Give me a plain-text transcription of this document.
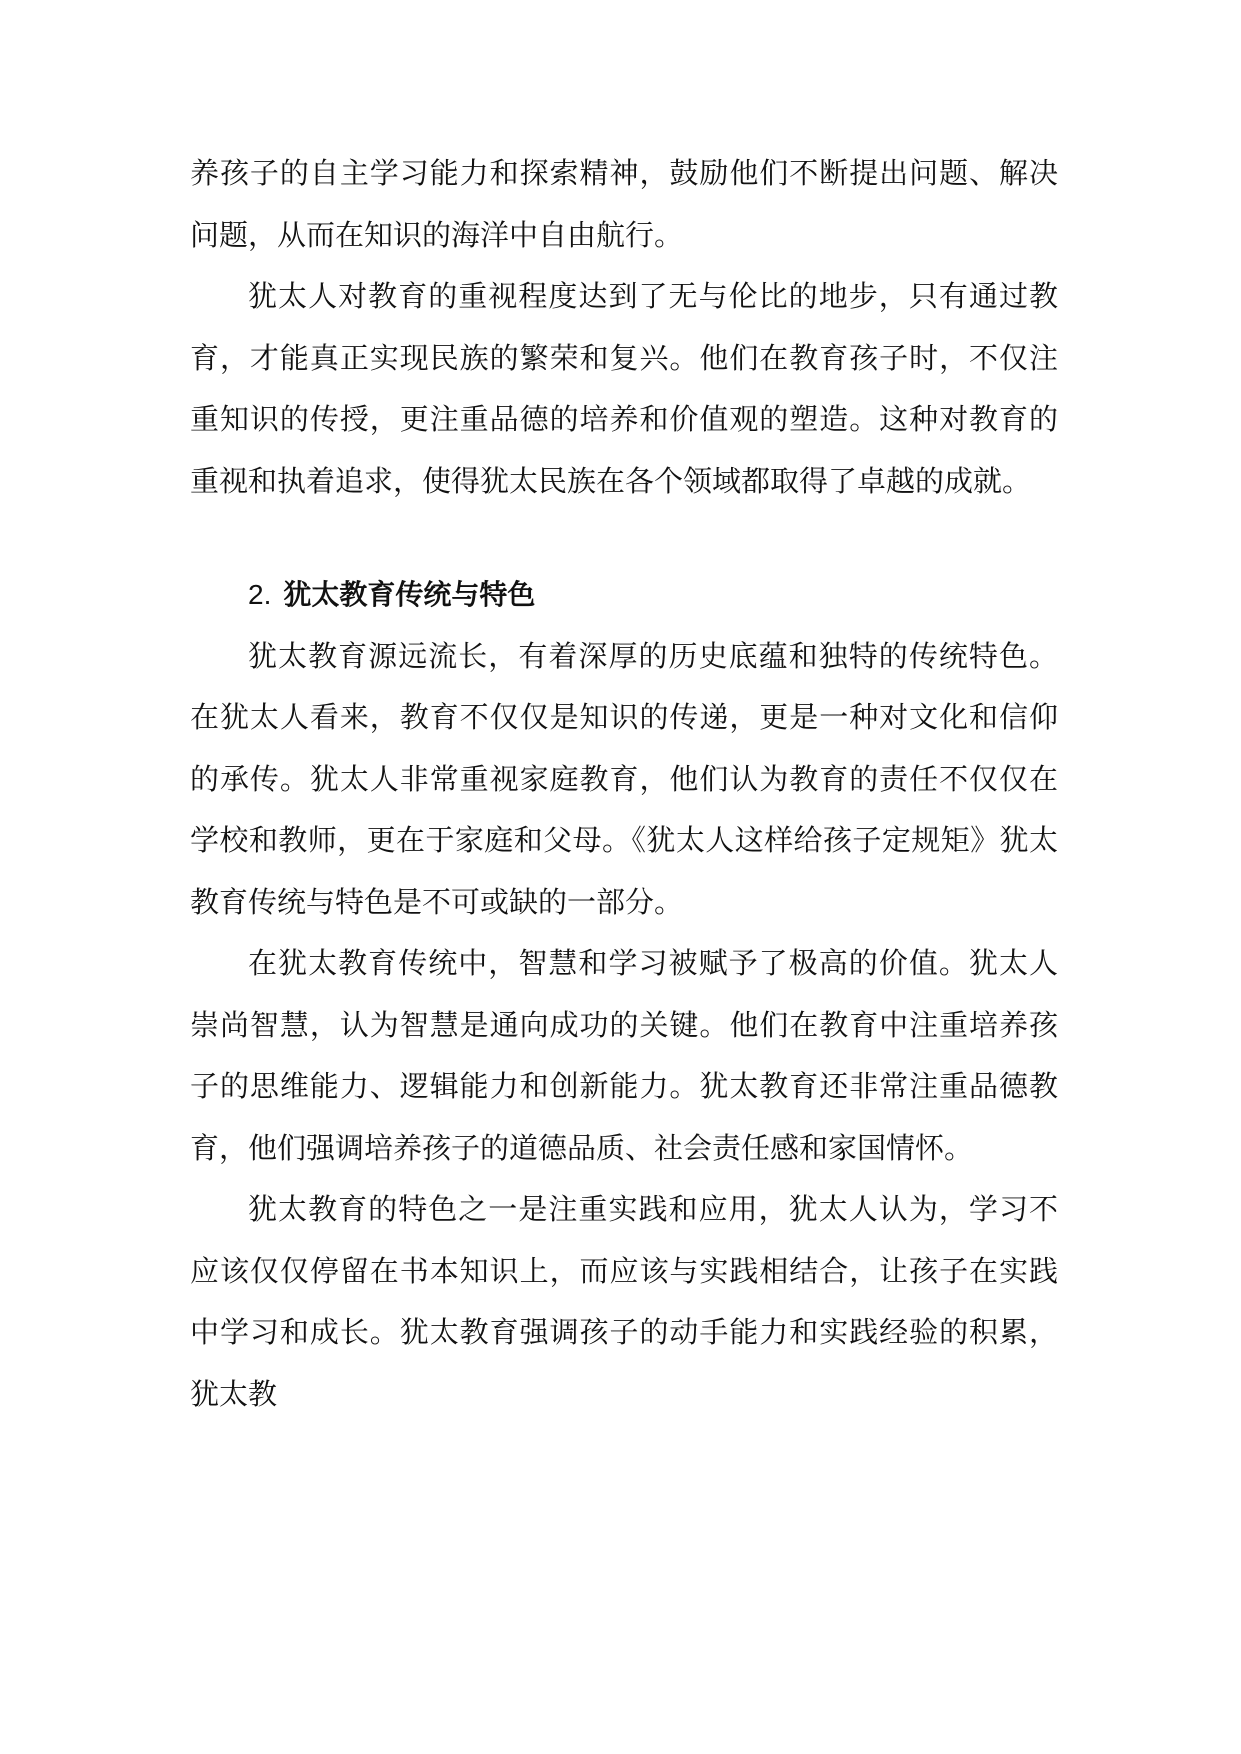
养孩子的自主学习能力和探索精神，鼓励他们不断提出问题、解决问题，从而在知识的海洋中自由航行。

犹太人对教育的重视程度达到了无与伦比的地步，只有通过教育，才能真正实现民族的繁荣和复兴。他们在教育孩子时，不仅注重知识的传授，更注重品德的培养和价值观的塑造。这种对教育的重视和执着追求，使得犹太民族在各个领域都取得了卓越的成就。

2. 犹太教育传统与特色

犹太教育源远流长，有着深厚的历史底蕴和独特的传统特色。在犹太人看来，教育不仅仅是知识的传递，更是一种对文化和信仰的承传。犹太人非常重视家庭教育，他们认为教育的责任不仅仅在学校和教师，更在于家庭和父母。《犹太人这样给孩子定规矩》犹太教育传统与特色是不可或缺的一部分。

在犹太教育传统中，智慧和学习被赋予了极高的价值。犹太人崇尚智慧，认为智慧是通向成功的关键。他们在教育中注重培养孩子的思维能力、逻辑能力和创新能力。犹太教育还非常注重品德教育，他们强调培养孩子的道德品质、社会责任感和家国情怀。

犹太教育的特色之一是注重实践和应用，犹太人认为，学习不应该仅仅停留在书本知识上，而应该与实践相结合，让孩子在实践中学习和成长。犹太教育强调孩子的动手能力和实践经验的积累，犹太教
